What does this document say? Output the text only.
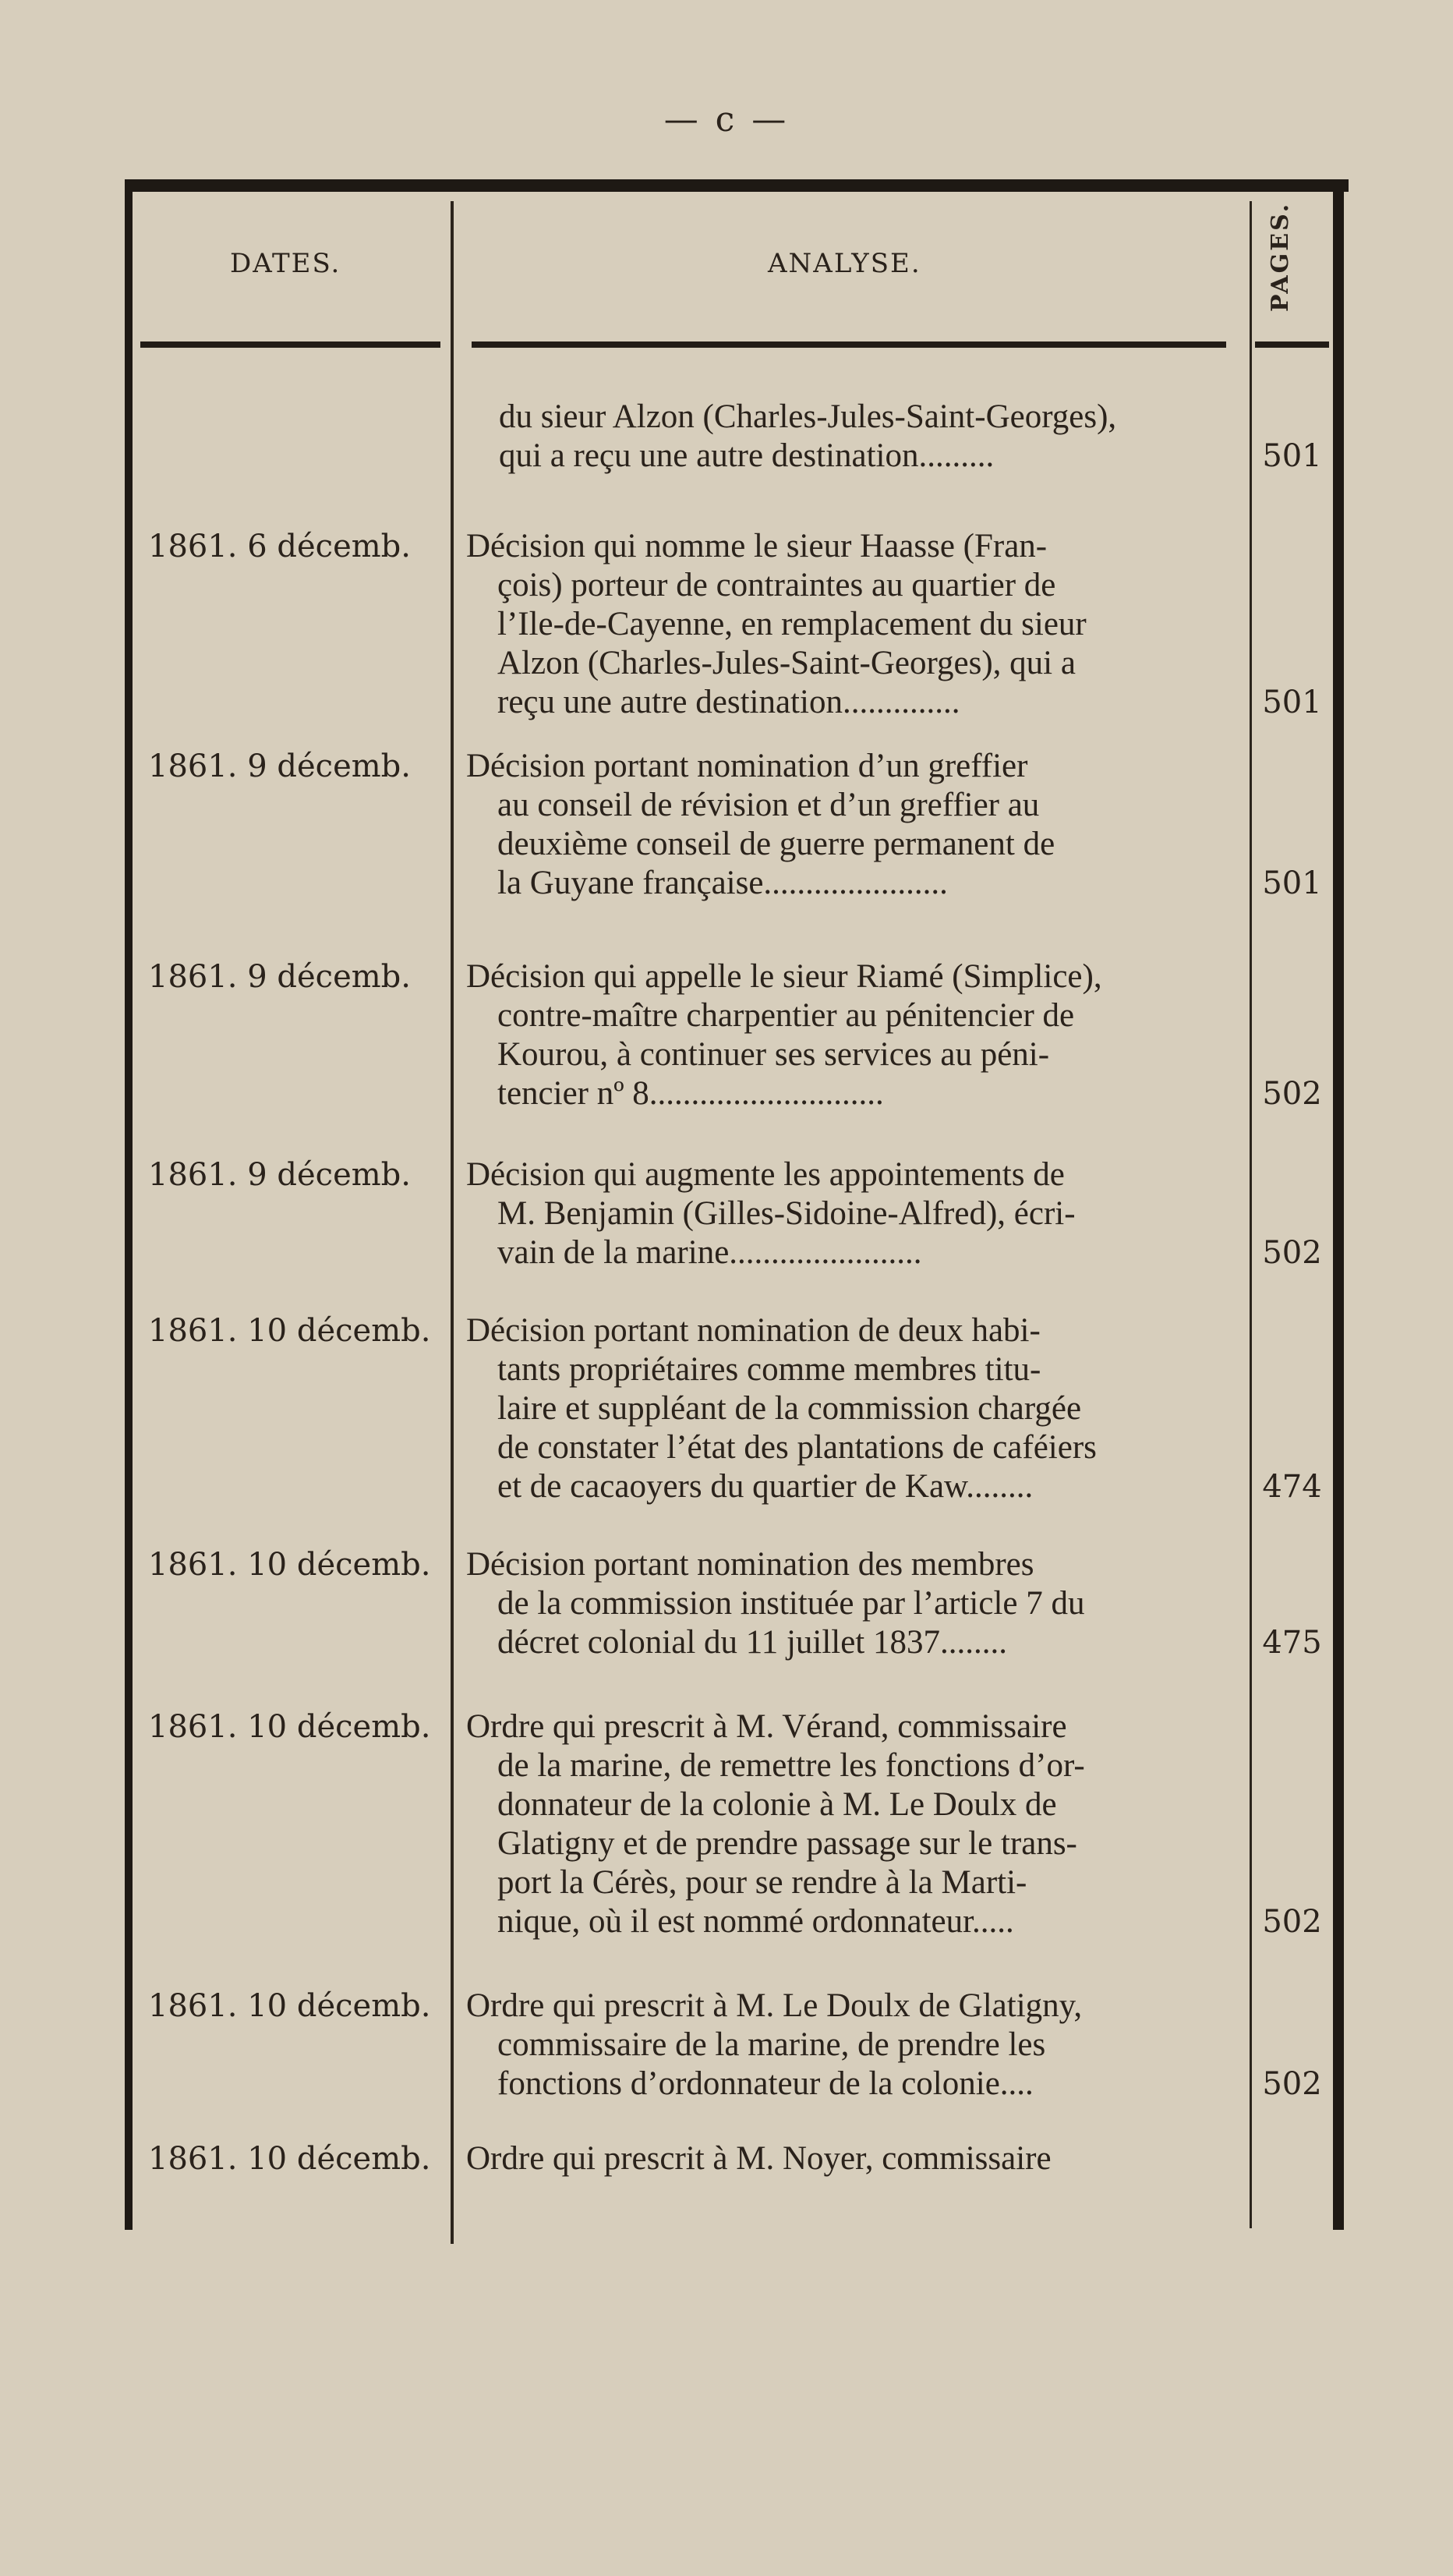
— c —
DATES.	ANALYSE.	PAGES.
du sieur Alzon (Charles-Jules-Saint-Georges),
qui a reçu une autre destination.........	501
1861. 6 décemb.	Décision qui nomme le sieur Haasse (Fran-
çois) porteur de contraintes au quartier de
l’Ile-de-Cayenne, en remplacement du sieur
Alzon (Charles-Jules-Saint-Georges), qui a
reçu une autre destination..............	501
1861. 9 décemb.	Décision portant nomination d’un greffier
au conseil de révision et d’un greffier au
deuxième conseil de guerre permanent de
la Guyane française......................	501
1861. 9 décemb.	Décision qui appelle le sieur Riamé (Simplice),
contre-maître charpentier au pénitencier de
Kourou, à continuer ses services au péni-
tencier nº 8............................	502
1861. 9 décemb.	Décision qui augmente les appointements de
M. Benjamin (Gilles-Sidoine-Alfred), écri-
vain de la marine.......................	502
1861. 10 décemb.	Décision portant nomination de deux habi-
tants propriétaires comme membres titu-
laire et suppléant de la commission chargée
de constater l’état des plantations de caféiers
et de cacaoyers du quartier de Kaw........	474
1861. 10 décemb.	Décision portant nomination des membres
de la commission instituée par l’article 7 du
décret colonial du 11 juillet 1837........	475
1861. 10 décemb.	Ordre qui prescrit à M. Vérand, commissaire
de la marine, de remettre les fonctions d’or-
donnateur de la colonie à M. Le Doulx de
Glatigny et de prendre passage sur le trans-
port la Cérès, pour se rendre à la Marti-
nique, où il est nommé ordonnateur.....	502
1861. 10 décemb.	Ordre qui prescrit à M. Le Doulx de Glatigny,
commissaire de la marine, de prendre les
fonctions d’ordonnateur de la colonie....	502
1861. 10 décemb.	Ordre qui prescrit à M. Noyer, commissaire
